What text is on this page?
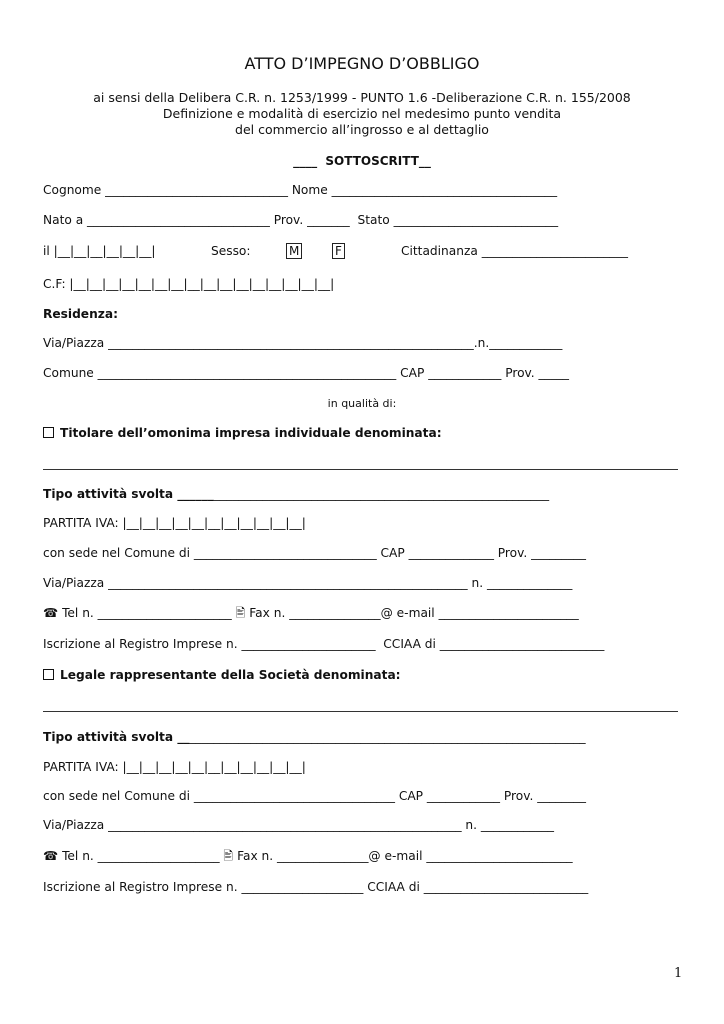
ATTO D’IMPEGNO D’OBBLIGO
ai sensi della Delibera C.R. n. 1253/1999 - PUNTO 1.6 -Deliberazione C.R. n. 155/2008
Definizione e modalità di esercizio nel medesimo punto vendita
del commercio all’ingrosso e al dettaglio
____  SOTTOSCRITT__
Cognome ______________________________ Nome _____________________________________
Nato a ______________________________ Prov. _______  Stato ___________________________
il |__|__|__|__|__|__|	Sesso:	M	F	Cittadinanza ________________________
C.F: |__|__|__|__|__|__|__|__|__|__|__|__|__|__|__|__|
Residenza:
Via/Piazza ____________________________________________________________.n.____________
Comune _________________________________________________ CAP ____________ Prov. _____
in qualità di:
Titolare dell’omonima impresa individuale denominata:
Tipo attività svolta _____________________________________________________________
PARTITA IVA: |__|__|__|__|__|__|__|__|__|__|__|
con sede nel Comune di ______________________________ CAP ______________ Prov. _________
Via/Piazza ___________________________________________________________ n. ______________
☎ Tel n. ______________________ 🖹 Fax n. _______________@ e-mail _______________________
Iscrizione al Registro Imprese n. ______________________  CCIAA di ___________________________
Legale rappresentante della Società denominata:
Tipo attività svolta ___________________________________________________________________
PARTITA IVA: |__|__|__|__|__|__|__|__|__|__|__|
con sede nel Comune di _________________________________ CAP ____________ Prov. ________
Via/Piazza __________________________________________________________ n. ____________
☎ Tel n. ____________________ 🖹 Fax n. _______________@ e-mail ________________________
Iscrizione al Registro Imprese n. ____________________ CCIAA di ___________________________
1
